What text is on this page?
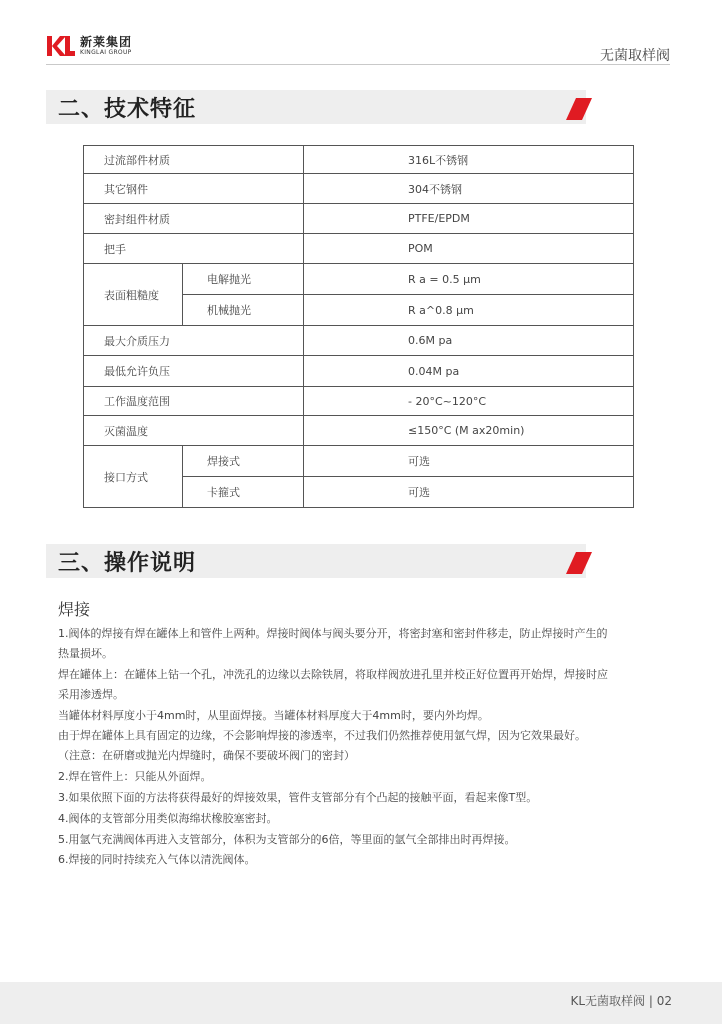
新莱集团
KINGLAI GROUP	无菌取样阀
二、技术特征
过流部件材质		316L不锈钢
其它钢件		304不锈钢
密封组件材质		PTFE/EPDM
把手		POM
表面粗糙度	电解抛光	R a = 0.5 μm
	机械抛光	R a^0.8 μm
最大介质压力		0.6M pa
最低允许负压		0.04M pa
工作温度范围		- 20°C~120°C
灭菌温度		≤150°C (M ax20min)
接口方式	焊接式	可选
	卡箍式	可选
三、操作说明
焊接

1.阀体的焊接有焊在罐体上和管件上两种。焊接时阀体与阀头要分开，将密封塞和密封件移走，防止焊接时产生的

热量损坏。

焊在罐体上：在罐体上钻一个孔，冲洗孔的边缘以去除铁屑，将取样阀放进孔里并校正好位置再开始焊，焊接时应

采用渗透焊。

当罐体材料厚度小于4mm时，从里面焊接。当罐体材料厚度大于4mm时，要内外均焊。

由于焊在罐体上具有固定的边缘，不会影响焊接的渗透率，不过我们仍然推荐使用氩气焊，因为它效果最好。

（注意：在研磨或抛光内焊缝时，确保不要破坏阀门的密封）

2.焊在管件上：只能从外面焊。

3.如果依照下面的方法将获得最好的焊接效果，管件支管部分有个凸起的接触平面，看起来像T型。

4.阀体的支管部分用类似海绵状橡胶塞密封。

5.用氩气充满阀体再进入支管部分，体积为支管部分的6倍，等里面的氩气全部排出时再焊接。

6.焊接的同时持续充入气体以清洗阀体。

KL无菌取样阀 | 02
